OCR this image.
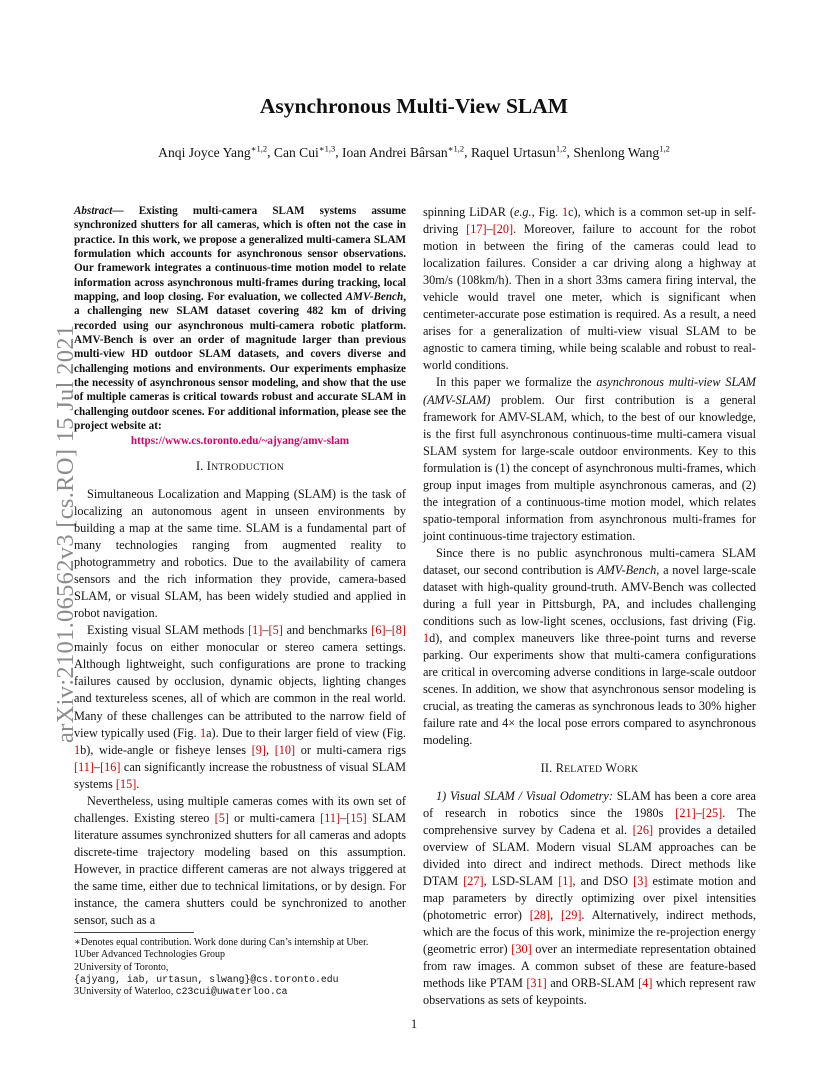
arXiv:2101.06562v3 [cs.RO] 15 Jul 2021
Asynchronous Multi-View SLAM
Anqi Joyce Yang$^{∗1,2}$, Can Cui$^{∗1,3}$, Ioan Andrei Bârsan$^{∗1,2}$, Raquel Urtasun$^{1,2}$, Shenlong Wang$^{1,2}$
Abstract— Existing multi-camera SLAM systems assume synchronized shutters for all cameras, which is often not the case in practice. In this work, we propose a generalized multi-camera SLAM formulation which accounts for asynchronous sensor observations. Our framework integrates a continuous-time motion model to relate information across asynchronous multi-frames during tracking, local mapping, and loop closing. For evaluation, we collected AMV-Bench, a challenging new SLAM dataset covering 482 km of driving recorded using our asynchronous multi-camera robotic platform. AMV-Bench is over an order of magnitude larger than previous multi-view HD outdoor SLAM datasets, and covers diverse and challenging motions and environments. Our experiments emphasize the necessity of asynchronous sensor modeling, and show that the use of multiple cameras is critical towards robust and accurate SLAM in challenging outdoor scenes. For additional information, please see the project website at:
https://www.cs.toronto.edu/~ajyang/amv-slam
I. INTRODUCTION

Simultaneous Localization and Mapping (SLAM) is the task of localizing an autonomous agent in unseen environments by building a map at the same time. SLAM is a fundamental part of many technologies ranging from augmented reality to photogrammetry and robotics. Due to the availability of camera sensors and the rich information they provide, camera-based SLAM, or visual SLAM, has been widely studied and applied in robot navigation.

Existing visual SLAM methods [1]–[5] and benchmarks [6]–[8] mainly focus on either monocular or stereo camera settings. Although lightweight, such configurations are prone to tracking failures caused by occlusion, dynamic objects, lighting changes and textureless scenes, all of which are common in the real world. Many of these challenges can be attributed to the narrow field of view typically used (Fig. 1a). Due to their larger field of view (Fig. 1b), wide-angle or fisheye lenses [9], [10] or multi-camera rigs [11]–[16] can significantly increase the robustness of visual SLAM systems [15].

Nevertheless, using multiple cameras comes with its own set of challenges. Existing stereo [5] or multi-camera [11]–[15] SLAM literature assumes synchronized shutters for all cameras and adopts discrete-time trajectory modeling based on this assumption. However, in practice different cameras are not always triggered at the same time, either due to technical limitations, or by design. For instance, the camera shutters could be synchronized to another sensor, such as a

∗Denotes equal contribution. Work done during Can’s internship at Uber.
1Uber Advanced Technologies Group
2University of Toronto,
{ajyang, iab, urtasun, slwang}@cs.toronto.edu
3University of Waterloo, c23cui@uwaterloo.ca

spinning LiDAR (e.g., Fig. 1c), which is a common set-up in self-driving [17]–[20]. Moreover, failure to account for the robot motion in between the firing of the cameras could lead to localization failures. Consider a car driving along a highway at 30m/s (108km/h). Then in a short 33ms camera firing interval, the vehicle would travel one meter, which is significant when centimeter-accurate pose estimation is required. As a result, a need arises for a generalization of multi-view visual SLAM to be agnostic to camera timing, while being scalable and robust to real-world conditions.

In this paper we formalize the asynchronous multi-view SLAM (AMV-SLAM) problem. Our first contribution is a general framework for AMV-SLAM, which, to the best of our knowledge, is the first full asynchronous continuous-time multi-camera visual SLAM system for large-scale outdoor environments. Key to this formulation is (1) the concept of asynchronous multi-frames, which group input images from multiple asynchronous cameras, and (2) the integration of a continuous-time motion model, which relates spatio-temporal information from asynchronous multi-frames for joint continuous-time trajectory estimation.

Since there is no public asynchronous multi-camera SLAM dataset, our second contribution is AMV-Bench, a novel large-scale dataset with high-quality ground-truth. AMV-Bench was collected during a full year in Pittsburgh, PA, and includes challenging conditions such as low-light scenes, occlusions, fast driving (Fig. 1d), and complex maneuvers like three-point turns and reverse parking. Our experiments show that multi-camera configurations are critical in overcoming adverse conditions in large-scale outdoor scenes. In addition, we show that asynchronous sensor modeling is crucial, as treating the cameras as synchronous leads to 30% higher failure rate and 4× the local pose errors compared to asynchronous modeling.

II. RELATED WORK

1) Visual SLAM / Visual Odometry: SLAM has been a core area of research in robotics since the 1980s [21]–[25]. The comprehensive survey by Cadena et al. [26] provides a detailed overview of SLAM. Modern visual SLAM approaches can be divided into direct and indirect methods. Direct methods like DTAM [27], LSD-SLAM [1], and DSO [3] estimate motion and map parameters by directly optimizing over pixel intensities (photometric error) [28], [29]. Alternatively, indirect methods, which are the focus of this work, minimize the re-projection energy (geometric error) [30] over an intermediate representation obtained from raw images. A common subset of these are feature-based methods like PTAM [31] and ORB-SLAM [4] which represent raw observations as sets of keypoints.

1
